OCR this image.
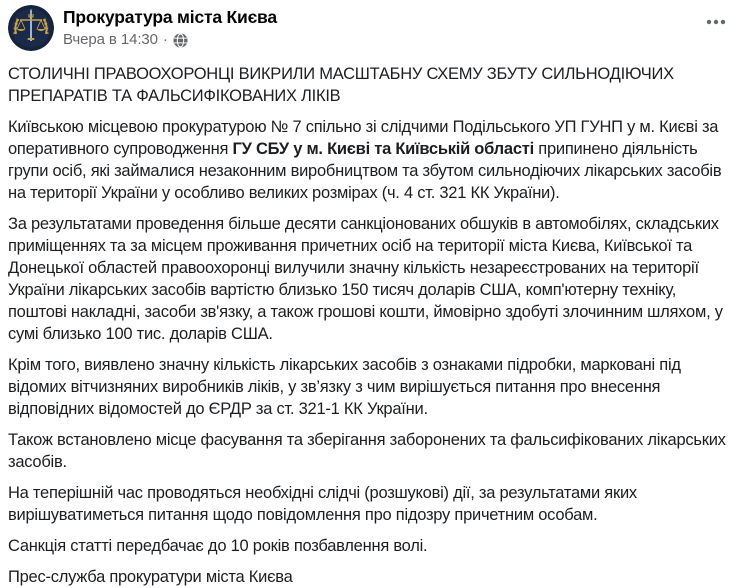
Прокуратура міста Києва
Вчера в 14:30 ·

СТОЛИЧНІ ПРАВООХОРОНЦІ ВИКРИЛИ МАСШТАБНУ СХЕМУ ЗБУТУ СИЛЬНОДІЮЧИХ ПРЕПАРАТІВ ТА ФАЛЬСИФІКОВАНИХ ЛІКІВ

Київською місцевою прокуратурою № 7 спільно зі слідчими Подільського УП ГУНП у м. Києві за оперативного супроводження ГУ СБУ у м. Києві та Київській області припинено діяльність групи осіб, які займалися незаконним виробництвом та збутом сильнодіючих лікарських засобів на території України у особливо великих розмірах (ч. 4 ст. 321 КК України).

За результатами проведення більше десяти санкціонованих обшуків в автомобілях, складських приміщеннях та за місцем проживання причетних осіб на території міста Києва, Київської та Донецької областей правоохоронці вилучили значну кількість незареєстрованих на території України лікарських засобів вартістю близько 150 тисяч доларів США, комп'ютерну техніку, поштові накладні, засоби зв'язку, а також грошові кошти, ймовірно здобуті злочинним шляхом, у сумі близько 100 тис. доларів США.

Крім того, виявлено значну кількість лікарських засобів з ознаками підробки, марковані під відомих вітчизняних виробників ліків, у зв’язку з чим вирішується питання про внесення відповідних відомостей до ЄРДР за ст. 321-1 КК України.

Також встановлено місце фасування та зберігання заборонених та фальсифікованих лікарських засобів.

На теперішній час проводяться необхідні слідчі (розшукові) дії, за результатами яких вирішуватиметься питання щодо повідомлення про підозру причетним особам.

Санкція статті передбачає до 10 років позбавлення волі.

Прес-служба прокуратури міста Києва
